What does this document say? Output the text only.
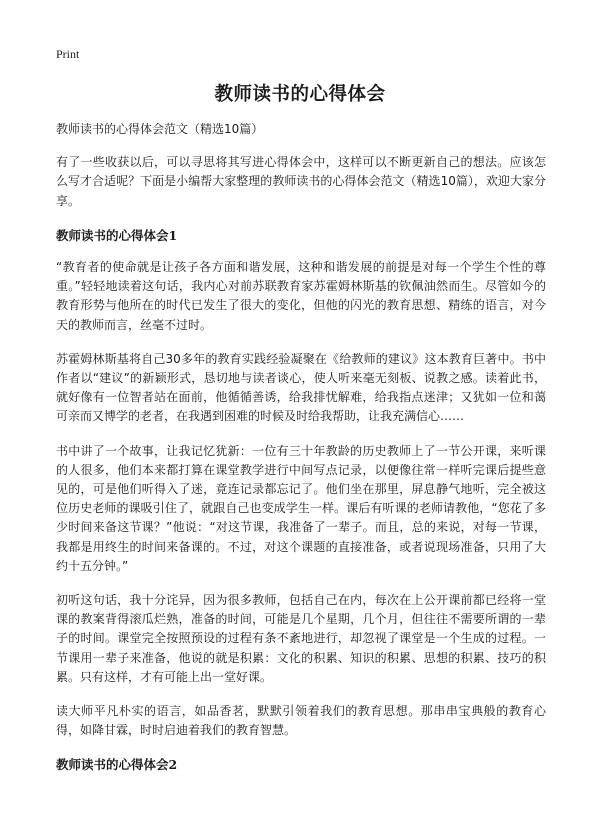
Print
教师读书的心得体会

教师读书的心得体会范文（精选10篇）

有了一些收获以后，可以寻思将其写进心得体会中，这样可以不断更新自己的想法。应该怎么写才合适呢？下面是小编帮大家整理的教师读书的心得体会范文（精选10篇），欢迎大家分享。

教师读书的心得体会1

“教育者的使命就是让孩子各方面和谐发展，这种和谐发展的前提是对每一个学生个性的尊重。”轻轻地读着这句话，我内心对前苏联教育家苏霍姆林斯基的钦佩油然而生。尽管如今的教育形势与他所在的时代已发生了很大的变化，但他的闪光的教育思想、精练的语言，对今天的教师而言，丝毫不过时。

苏霍姆林斯基将自己30多年的教育实践经验凝聚在《给教师的建议》这本教育巨著中。书中作者以“建议”的新颖形式，恳切地与读者谈心，使人听来毫无刻板、说教之感。读着此书，就好像有一位智者站在面前，他循循善诱，给我排忧解难，给我指点迷津；又犹如一位和蔼可亲而又博学的老者，在我遇到困难的时候及时给我帮助，让我充满信心……

书中讲了一个故事，让我记忆犹新：一位有三十年教龄的历史教师上了一节公开课，来听课的人很多，他们本来都打算在课堂教学进行中间写点记录，以便像往常一样听完课后提些意见的，可是他们听得入了迷，竟连记录都忘记了。他们坐在那里，屏息静气地听，完全被这位历史老师的课吸引住了，就跟自己也变成学生一样。课后有听课的老师请教他，“您花了多少时间来备这节课？”他说：“对这节课，我准备了一辈子。而且，总的来说，对每一节课，我都是用终生的时间来备课的。不过，对这个课题的直接准备，或者说现场准备，只用了大约十五分钟。”

初听这句话，我十分诧异，因为很多教师，包括自己在内，每次在上公开课前都已经将一堂课的教案背得滚瓜烂熟，准备的时间，可能是几个星期，几个月，但往往不需要所谓的一辈子的时间。课堂完全按照预设的过程有条不紊地进行，却忽视了课堂是一个生成的过程。一节课用一辈子来准备，他说的就是积累：文化的积累、知识的积累、思想的积累、技巧的积累。只有这样，才有可能上出一堂好课。

读大师平凡朴实的语言，如品香茗，默默引领着我们的教育思想。那串串宝典般的教育心得，如降甘霖，时时启迪着我们的教育智慧。

教师读书的心得体会2
